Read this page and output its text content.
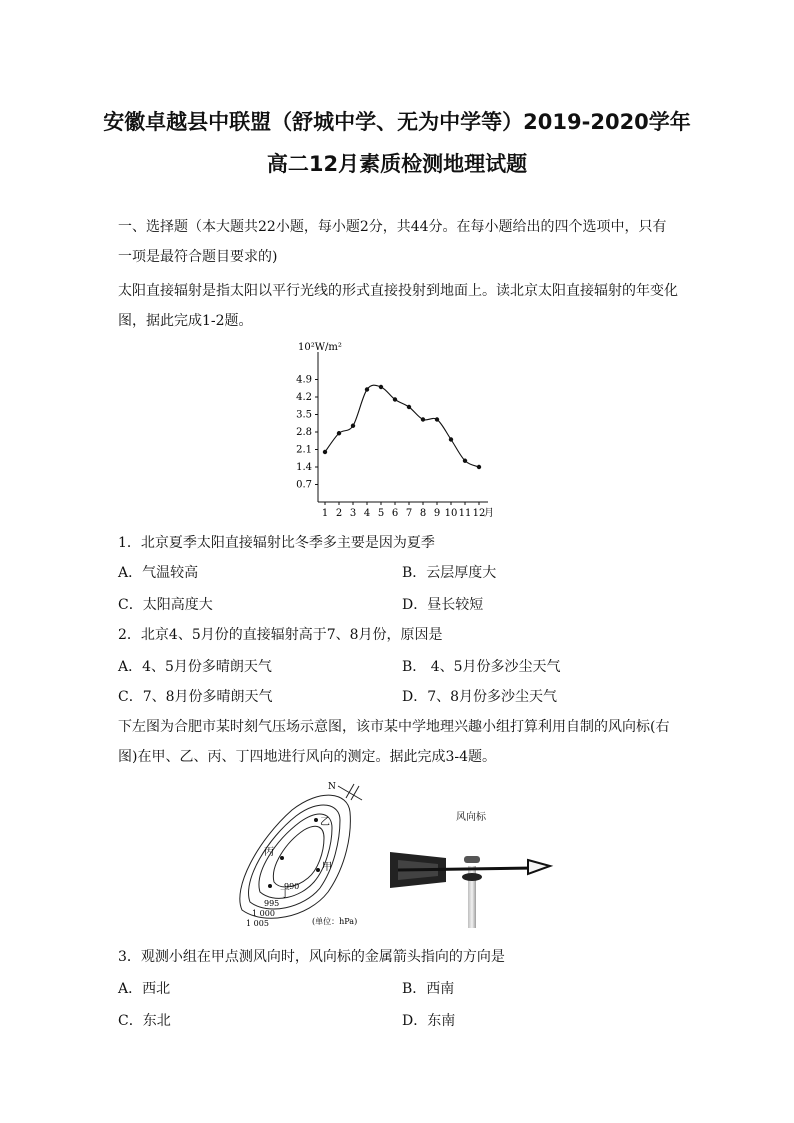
安徽卓越县中联盟（舒城中学、无为中学等）2019-2020学年
高二12月素质检测地理试题
一、选择题（本大题共22小题，每小题2分，共44分。在每小题给出的四个选项中，只有
一项是最符合题目要求的)
太阳直接辐射是指太阳以平行光线的形式直接投射到地面上。读北京太阳直接辐射的年变化
图，据此完成1-2题。
10²W/m²
月
4.9
4.2
3.5
2.8
2.1
1.4
0.7
1 2 3 4 5 6 7 8 9 10 11 12
1．北京夏季太阳直接辐射比冬季多主要是因为夏季
A．气温较高	B．云层厚度大
C．太阳高度大	D．昼长较短
2．北京4、5月份的直接辐射高于7、8月份，原因是
A．4、5月份多晴朗天气	B． 4、5月份多沙尘天气
C．7、8月份多晴朗天气	D．7、8月份多沙尘天气
下左图为合肥市某时刻气压场示意图，该市某中学地理兴趣小组打算利用自制的风向标(右
图)在甲、乙、丙、丁四地进行风向的测定。据此完成3-4题。
N
乙
丙
甲
丁
990
995
1 000
1 005	(单位：hPa)
风向标
3．观测小组在甲点测风向时，风向标的金属箭头指向的方向是
A．西北	B．西南
C．东北	D．东南
